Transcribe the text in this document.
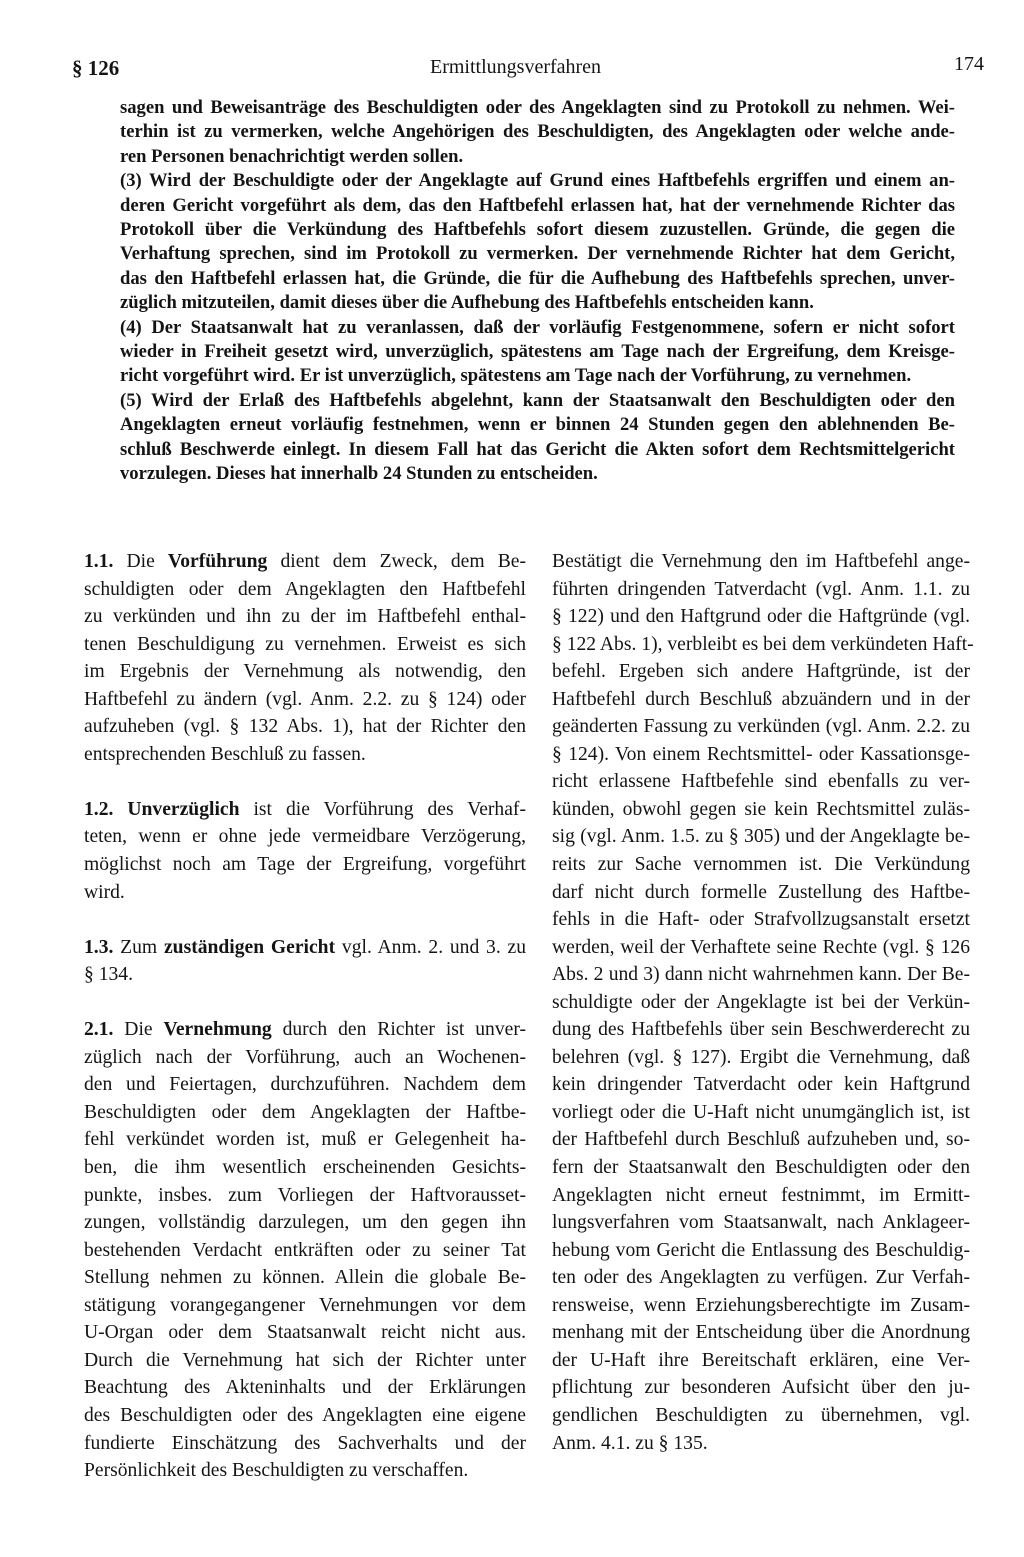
§ 126	Ermittlungsverfahren	174
sagen und Beweisanträge des Beschuldigten oder des Angeklagten sind zu Protokoll zu nehmen. Wei-
terhin ist zu vermerken, welche Angehörigen des Beschuldigten, des Angeklagten oder welche ande-
ren Personen benachrichtigt werden sollen.
(3) Wird der Beschuldigte oder der Angeklagte auf Grund eines Haftbefehls ergriffen und einem an-
deren Gericht vorgeführt als dem, das den Haftbefehl erlassen hat, hat der vernehmende Richter das
Protokoll über die Verkündung des Haftbefehls sofort diesem zuzustellen. Gründe, die gegen die
Verhaftung sprechen, sind im Protokoll zu vermerken. Der vernehmende Richter hat dem Gericht,
das den Haftbefehl erlassen hat, die Gründe, die für die Aufhebung des Haftbefehls sprechen, unver-
züglich mitzuteilen, damit dieses über die Aufhebung des Haftbefehls entscheiden kann.
(4) Der Staatsanwalt hat zu veranlassen, daß der vorläufig Festgenommene, sofern er nicht sofort
wieder in Freiheit gesetzt wird, unverzüglich, spätestens am Tage nach der Ergreifung, dem Kreisge-
richt vorgeführt wird. Er ist unverzüglich, spätestens am Tage nach der Vorführung, zu vernehmen.
(5) Wird der Erlaß des Haftbefehls abgelehnt, kann der Staatsanwalt den Beschuldigten oder den
Angeklagten erneut vorläufig festnehmen, wenn er binnen 24 Stunden gegen den ablehnenden Be-
schluß Beschwerde einlegt. In diesem Fall hat das Gericht die Akten sofort dem Rechtsmittelgericht
vorzulegen. Dieses hat innerhalb 24 Stunden zu entscheiden.
1.1. Die Vorführung dient dem Zweck, dem Be-
schuldigten oder dem Angeklagten den Haftbefehl
zu verkünden und ihn zu der im Haftbefehl enthal-
tenen Beschuldigung zu vernehmen. Erweist es sich
im Ergebnis der Vernehmung als notwendig, den
Haftbefehl zu ändern (vgl. Anm. 2.2. zu § 124) oder
aufzuheben (vgl. § 132 Abs. 1), hat der Richter den
entsprechenden Beschluß zu fassen.
1.2. Unverzüglich ist die Vorführung des Verhaf-
teten, wenn er ohne jede vermeidbare Verzögerung,
möglichst noch am Tage der Ergreifung, vorgeführt
wird.
1.3. Zum zuständigen Gericht vgl. Anm. 2. und 3. zu
§ 134.
2.1. Die Vernehmung durch den Richter ist unver-
züglich nach der Vorführung, auch an Wochenen-
den und Feiertagen, durchzuführen. Nachdem dem
Beschuldigten oder dem Angeklagten der Haftbe-
fehl verkündet worden ist, muß er Gelegenheit ha-
ben, die ihm wesentlich erscheinenden Gesichts-
punkte, insbes. zum Vorliegen der Haftvorausset-
zungen, vollständig darzulegen, um den gegen ihn
bestehenden Verdacht entkräften oder zu seiner Tat
Stellung nehmen zu können. Allein die globale Be-
stätigung vorangegangener Vernehmungen vor dem
U-Organ oder dem Staatsanwalt reicht nicht aus.
Durch die Vernehmung hat sich der Richter unter
Beachtung des Akteninhalts und der Erklärungen
des Beschuldigten oder des Angeklagten eine eigene
fundierte Einschätzung des Sachverhalts und der
Persönlichkeit des Beschuldigten zu verschaffen.
Bestätigt die Vernehmung den im Haftbefehl ange-
führten dringenden Tatverdacht (vgl. Anm. 1.1. zu
§ 122) und den Haftgrund oder die Haftgründe (vgl.
§ 122 Abs. 1), verbleibt es bei dem verkündeten Haft-
befehl. Ergeben sich andere Haftgründe, ist der
Haftbefehl durch Beschluß abzuändern und in der
geänderten Fassung zu verkünden (vgl. Anm. 2.2. zu
§ 124). Von einem Rechtsmittel- oder Kassationsge-
richt erlassene Haftbefehle sind ebenfalls zu ver-
künden, obwohl gegen sie kein Rechtsmittel zuläs-
sig (vgl. Anm. 1.5. zu § 305) und der Angeklagte be-
reits zur Sache vernommen ist. Die Verkündung
darf nicht durch formelle Zustellung des Haftbe-
fehls in die Haft- oder Strafvollzugsanstalt ersetzt
werden, weil der Verhaftete seine Rechte (vgl. § 126
Abs. 2 und 3) dann nicht wahrnehmen kann. Der Be-
schuldigte oder der Angeklagte ist bei der Verkün-
dung des Haftbefehls über sein Beschwerderecht zu
belehren (vgl. § 127). Ergibt die Vernehmung, daß
kein dringender Tatverdacht oder kein Haftgrund
vorliegt oder die U-Haft nicht unumgänglich ist, ist
der Haftbefehl durch Beschluß aufzuheben und, so-
fern der Staatsanwalt den Beschuldigten oder den
Angeklagten nicht erneut festnimmt, im Ermitt-
lungsverfahren vom Staatsanwalt, nach Anklageer-
hebung vom Gericht die Entlassung des Beschuldig-
ten oder des Angeklagten zu verfügen. Zur Verfah-
rensweise, wenn Erziehungsberechtigte im Zusam-
menhang mit der Entscheidung über die Anordnung
der U-Haft ihre Bereitschaft erklären, eine Ver-
pflichtung zur besonderen Aufsicht über den ju-
gendlichen Beschuldigten zu übernehmen, vgl.
Anm. 4.1. zu § 135.
